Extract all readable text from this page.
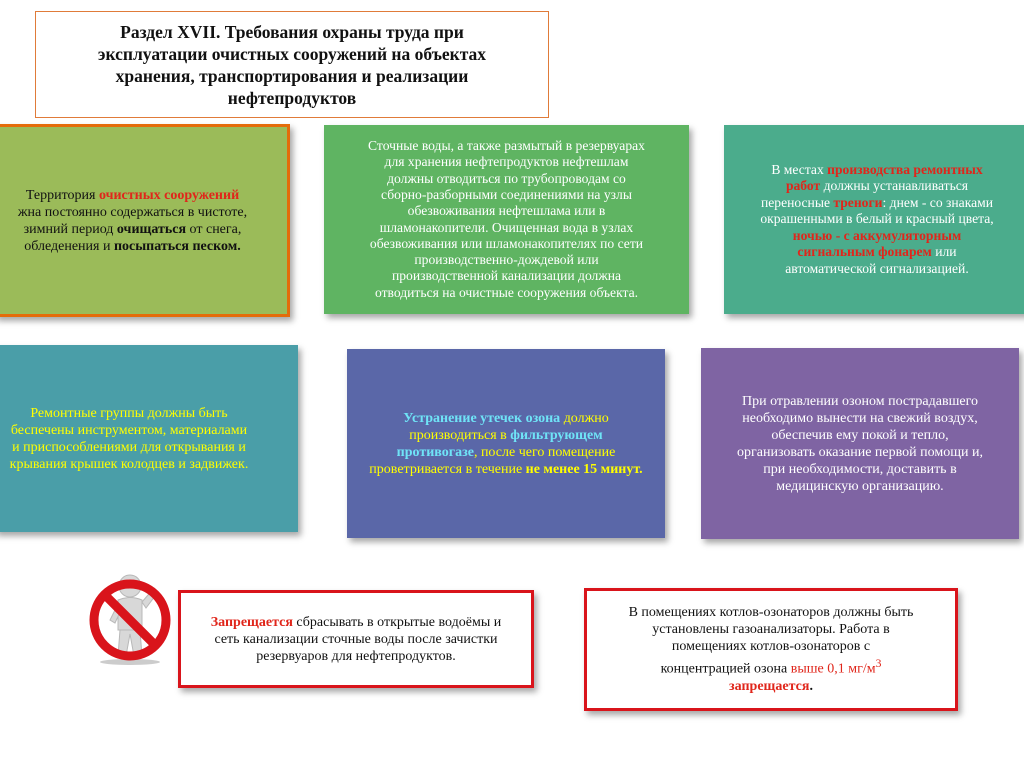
Раздел XVII. Требования охраны труда при
эксплуатации очистных сооружений на объектах
хранения, транспортирования и реализации
нефтепродуктов
Территория очистных сооружений
жна постоянно содержаться в чистоте,
зимний период очищаться от снега,
обледенения и посыпаться песком.
Сточные воды, а также размытый в резервуарах
для хранения нефтепродуктов нефтешлам
должны отводиться по трубопроводам со
сборно-разборными соединениями на узлы
обезвоживания нефтешлама или в
шламонакопители. Очищенная вода в узлах
обезвоживания или шламонакопителях по сети
производственно-дождевой или
производственной канализации должна
отводиться на очистные сооружения объекта.
В местах производства ремонтных
работ должны устанавливаться
переносные треноги: днем - со знаками
окрашенными в белый и красный цвета,
ночью - с аккумуляторным
сигнальным фонарем или
автоматической сигнализацией.
Ремонтные группы должны быть
беспечены инструментом, материалами
и приспособлениями для открывания и
крывания крышек колодцев и задвижек.
Устранение утечек озона должно производиться в фильтрующем противогазе, после чего помещение проветривается в течение не менее 15 минут.
При отравлении озоном пострадавшего
необходимо вынести на свежий воздух,
обеспечив ему покой и тепло,
организовать оказание первой помощи и,
при необходимости, доставить в
медицинскую организацию.
Запрещается сбрасывать в открытые водоёмы и сеть канализации сточные воды после зачистки резервуаров для нефтепродуктов.
В помещениях котлов-озонаторов должны быть
установлены газоанализаторы. Работа в
помещениях котлов-озонаторов с
концентрацией озона выше 0,1 $мг/м^3$
запрещается.
